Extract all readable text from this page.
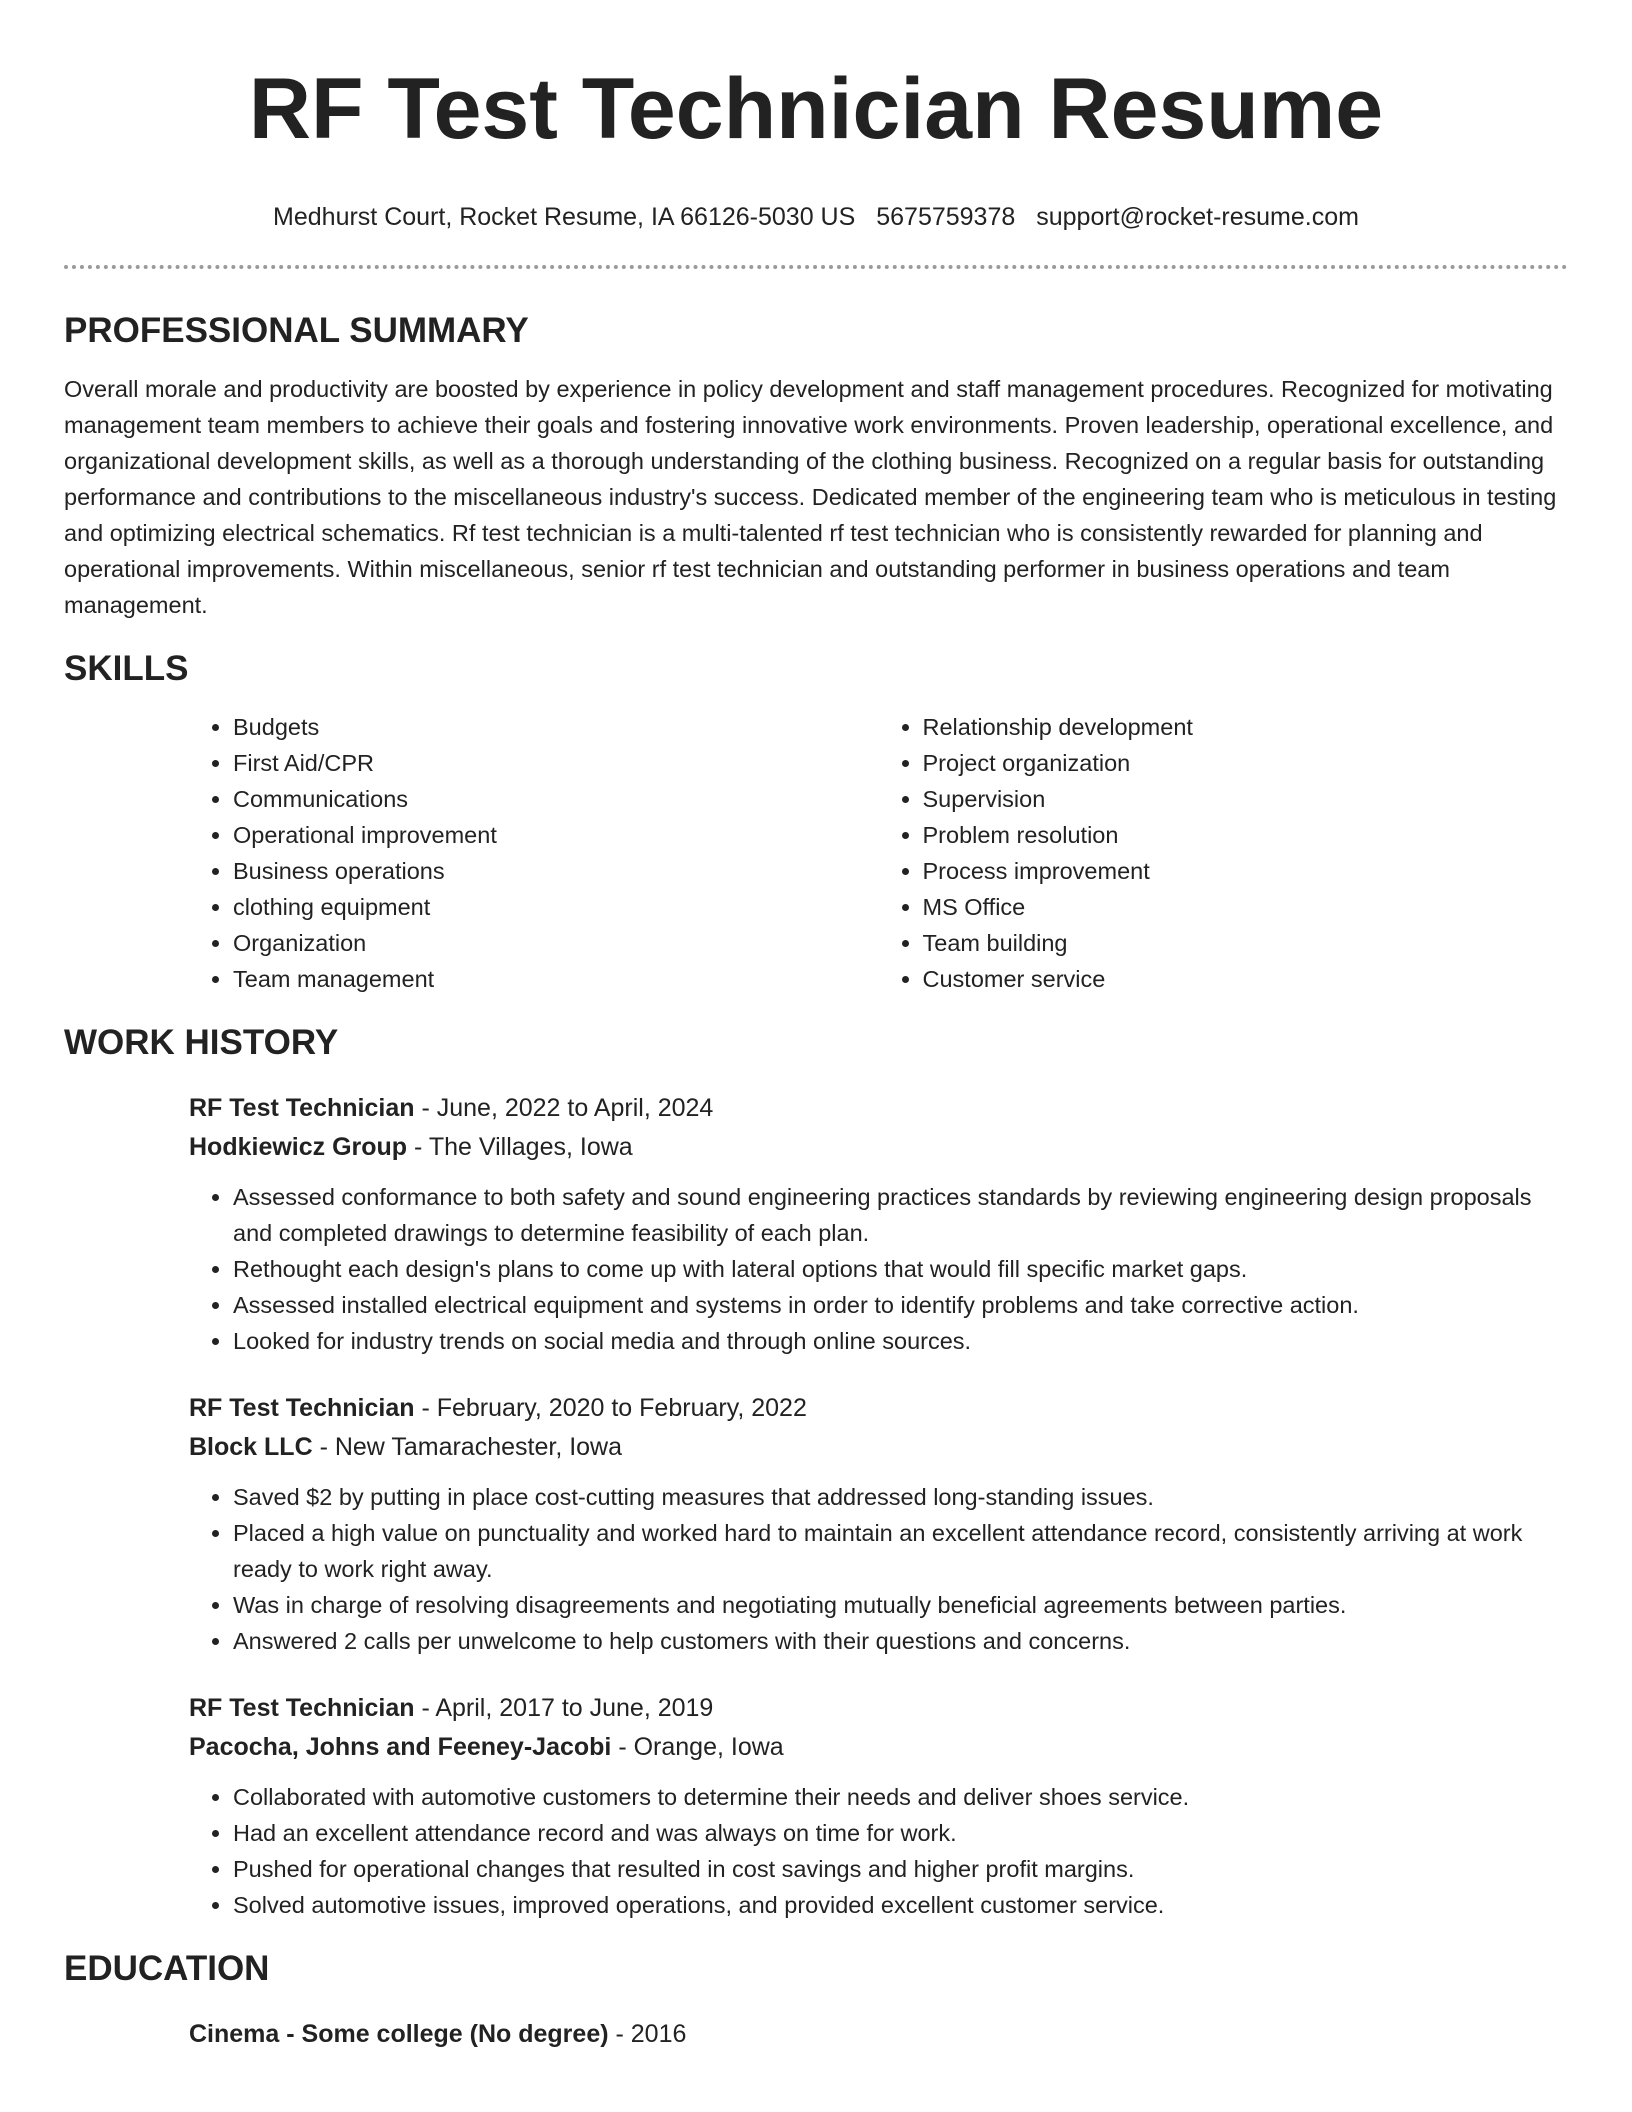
RF Test Technician Resume
Medhurst Court, Rocket Resume, IA 66126-5030 US 5675759378 support@rocket-resume.com
PROFESSIONAL SUMMARY

Overall morale and productivity are boosted by experience in policy development and staff management procedures. Recognized for motivating management team members to achieve their goals and fostering innovative work environments. Proven leadership, operational excellence, and organizational development skills, as well as a thorough understanding of the clothing business. Recognized on a regular basis for outstanding performance and contributions to the miscellaneous industry's success. Dedicated member of the engineering team who is meticulous in testing and optimizing electrical schematics. Rf test technician is a multi-talented rf test technician who is consistently rewarded for planning and operational improvements. Within miscellaneous, senior rf test technician and outstanding performer in business operations and team management.

SKILLS
• Budgets
• First Aid/CPR
• Communications
• Operational improvement
• Business operations
• clothing equipment
• Organization
• Team management
• Relationship development
• Project organization
• Supervision
• Problem resolution
• Process improvement
• MS Office
• Team building
• Customer service
WORK HISTORY
RF Test Technician - June, 2022 to April, 2024
Hodkiewicz Group - The Villages, Iowa
• Assessed conformance to both safety and sound engineering practices standards by reviewing engineering design proposals and completed drawings to determine feasibility of each plan.
• Rethought each design's plans to come up with lateral options that would fill specific market gaps.
• Assessed installed electrical equipment and systems in order to identify problems and take corrective action.
• Looked for industry trends on social media and through online sources.
RF Test Technician - February, 2020 to February, 2022
Block LLC - New Tamarachester, Iowa
• Saved $2 by putting in place cost-cutting measures that addressed long-standing issues.
• Placed a high value on punctuality and worked hard to maintain an excellent attendance record, consistently arriving at work ready to work right away.
• Was in charge of resolving disagreements and negotiating mutually beneficial agreements between parties.
• Answered 2 calls per unwelcome to help customers with their questions and concerns.
RF Test Technician - April, 2017 to June, 2019
Pacocha, Johns and Feeney-Jacobi - Orange, Iowa
• Collaborated with automotive customers to determine their needs and deliver shoes service.
• Had an excellent attendance record and was always on time for work.
• Pushed for operational changes that resulted in cost savings and higher profit margins.
• Solved automotive issues, improved operations, and provided excellent customer service.
EDUCATION
Cinema - Some college (No degree) - 2016
